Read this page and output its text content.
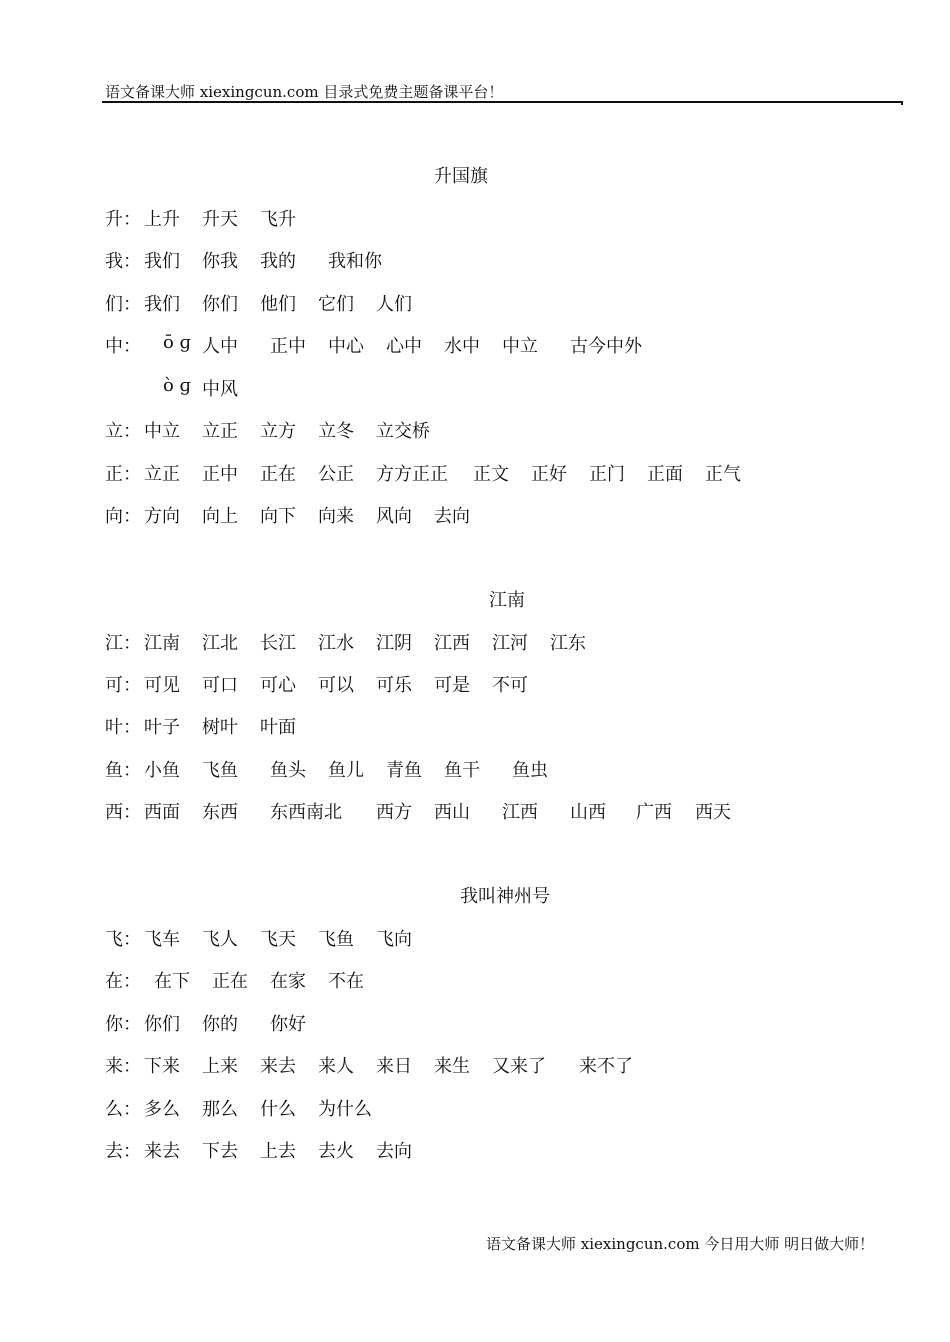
语文备课大师 xiexingcun.com 目录式免费主题备课平台！
升国旗
升： 上升 升天 飞升
我： 我们 你我 我的 我和你
们： 我们 你们 他们 它们 人们
中： ō ɡ 人中 正中 中心 心中 水中 中立 古今中外
ò ɡ 中风
立： 中立 立正 立方 立冬 立交桥
正： 立正 正中 正在 公正 方方正正 正文 正好 正门 正面 正气
向： 方向 向上 向下 向来 风向 去向
江南
江： 江南 江北 长江 江水 江阴 江西 江河 江东
可： 可见 可口 可心 可以 可乐 可是 不可
叶： 叶子 树叶 叶面
鱼： 小鱼 飞鱼 鱼头 鱼儿 青鱼 鱼干 鱼虫
西： 西面 东西 东西南北 西方 西山 江西 山西 广西 西天
我叫神州号
飞： 飞车 飞人 飞天 飞鱼 飞向
在： 在下 正在 在家 不在
你： 你们 你的 你好
来： 下来 上来 来去 来人 来日 来生 又来了 来不了
么： 多么 那么 什么 为什么
去： 来去 下去 上去 去火 去向
语文备课大师 xiexingcun.com 今日用大师 明日做大师！
